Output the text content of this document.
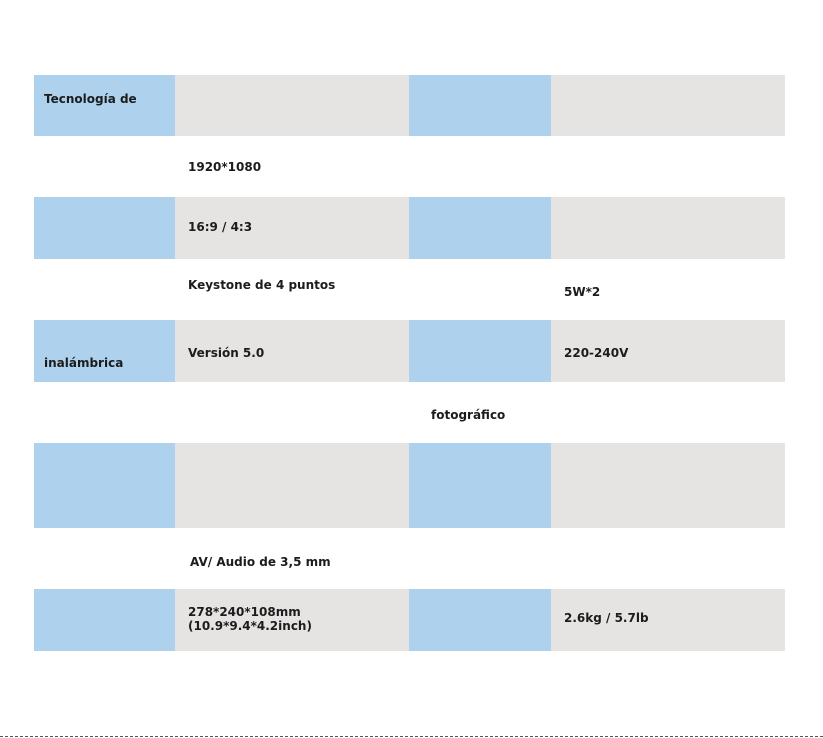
Tecnología de
1920*1080
16:9 / 4:3
Keystone de 4 puntos	5W*2
inalámbrica
Versión 5.0	220-240V
fotográfico
AV/ Audio de 3,5 mm
278*240*108mm
(10.9*9.4*4.2inch)
2.6kg / 5.7lb
